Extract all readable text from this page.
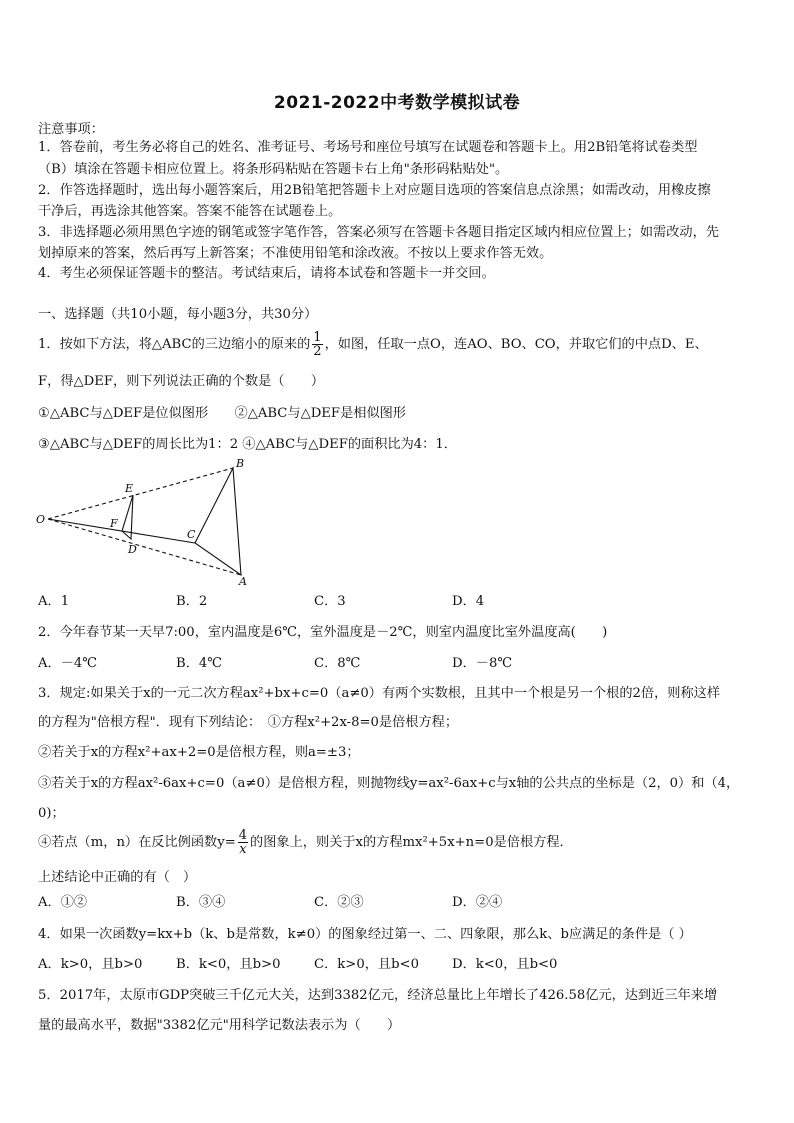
2021-2022中考数学模拟试卷
注意事项：
1．答卷前，考生务必将自己的姓名、准考证号、考场号和座位号填写在试题卷和答题卡上。用2B铅笔将试卷类型
（B）填涂在答题卡相应位置上。将条形码粘贴在答题卡右上角"条形码粘贴处"。
2．作答选择题时，选出每小题答案后，用2B铅笔把答题卡上对应题目选项的答案信息点涂黑；如需改动，用橡皮擦
干净后，再选涂其他答案。答案不能答在试题卷上。
3．非选择题必须用黑色字迹的钢笔或签字笔作答，答案必须写在答题卡各题目指定区域内相应位置上；如需改动，先
划掉原来的答案，然后再写上新答案；不准使用铅笔和涂改液。不按以上要求作答无效。
4．考生必须保证答题卡的整洁。考试结束后，请将本试卷和答题卡一并交回。
一、选择题（共10小题，每小题3分，共30分）
1．按如下方法，将△ABC的三边缩小的原来的 $\frac{1}{2}$ ，如图，任取一点O，连AO、BO、CO，并取它们的中点D、E、
F，得△DEF，则下列说法正确的个数是（　　）
①△ABC与△DEF是位似图形　　②△ABC与△DEF是相似图形
③△ABC与△DEF的周长比为1：2 ④△ABC与△DEF的面积比为4：1．
O
E
F
D
C
B
A
A．1	B．2	C．3	D．4
2．今年春节某一天早7:00，室内温度是6℃，室外温度是－2℃，则室内温度比室外温度高(　　)
A．－4℃	B．4℃	C．8℃	D．－8℃
3．规定:如果关于x的一元二次方程ax²+bx+c=0（a≠0）有两个实数根，且其中一个根是另一个根的2倍，则称这样
的方程为"倍根方程"．现有下列结论：　①方程x²+2x-8=0是倍根方程；
②若关于x的方程x²+ax+2=0是倍根方程，则a=±3；
③若关于x的方程ax²-6ax+c=0（a≠0）是倍根方程，则抛物线y=ax²-6ax+c与x轴的公共点的坐标是（2，0）和（4，
0)；
④若点（m，n）在反比例函数$y= \frac{4}{x}$ 的图象上，则关于x的方程mx²+5x+n=0是倍根方程．
上述结论中正确的有（　）
A．①②	B．③④	C．②③	D．②④
4．如果一次函数y=kx+b（k、b是常数，k≠0）的图象经过第一、二、四象限，那么k、b应满足的条件是（ ）
A．k>0，且b>0	B．k<0，且b>0	C．k>0，且b<0	D．k<0，且b<0
5．2017年，太原市GDP突破三千亿元大关，达到3382亿元，经济总量比上年增长了426.58亿元，达到近三年来增
量的最高水平，数据"3382亿元"用科学记数法表示为（　　）
